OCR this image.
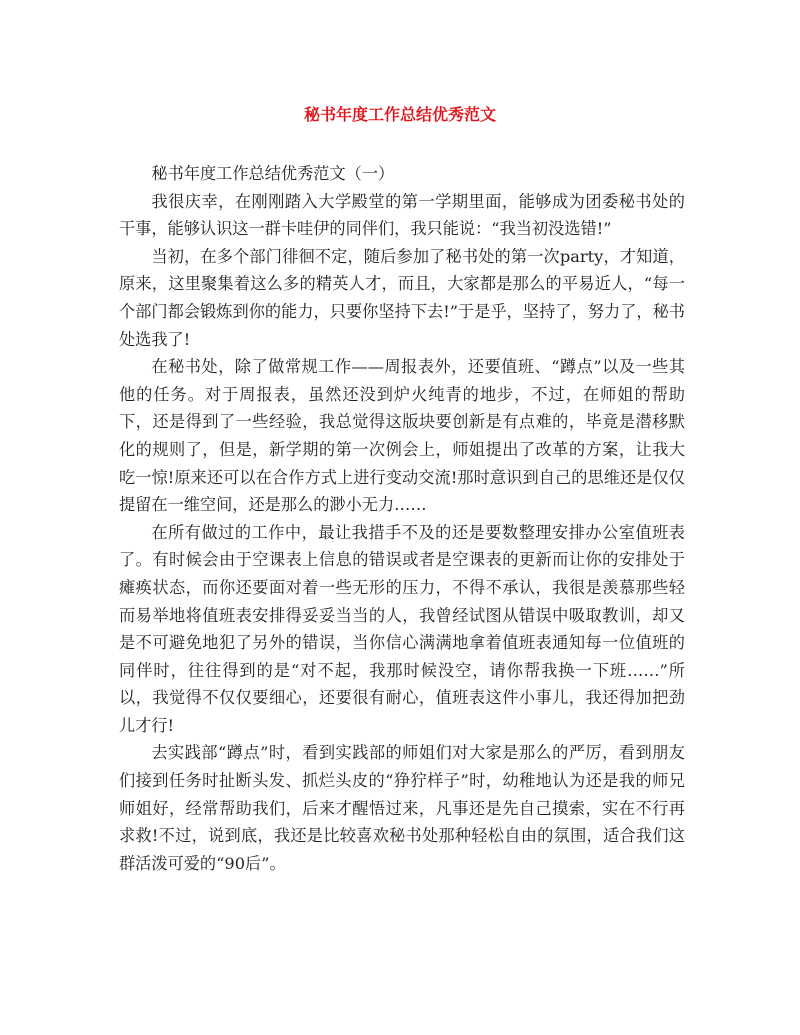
秘书年度工作总结优秀范文

秘书年度工作总结优秀范文（一）

我很庆幸，在刚刚踏入大学殿堂的第一学期里面，能够成为团委秘书处的干事，能够认识这一群卡哇伊的同伴们，我只能说：“我当初没选错!”

当初，在多个部门徘徊不定，随后参加了秘书处的第一次party，才知道，原来，这里聚集着这么多的精英人才，而且，大家都是那么的平易近人，“每一个部门都会锻炼到你的能力，只要你坚持下去!”于是乎，坚持了，努力了，秘书处选我了!

在秘书处，除了做常规工作——周报表外，还要值班、“蹲点”以及一些其他的任务。对于周报表，虽然还没到炉火纯青的地步，不过，在师姐的帮助下，还是得到了一些经验，我总觉得这版块要创新是有点难的，毕竟是潜移默化的规则了，但是，新学期的第一次例会上，师姐提出了改革的方案，让我大吃一惊!原来还可以在合作方式上进行变动交流!那时意识到自己的思维还是仅仅提留在一维空间，还是那么的渺小无力……

在所有做过的工作中，最让我措手不及的还是要数整理安排办公室值班表了。有时候会由于空课表上信息的错误或者是空课表的更新而让你的安排处于瘫痪状态，而你还要面对着一些无形的压力，不得不承认，我很是羡慕那些轻而易举地将值班表安排得妥妥当当的人，我曾经试图从错误中吸取教训，却又是不可避免地犯了另外的错误，当你信心满满地拿着值班表通知每一位值班的同伴时，往往得到的是“对不起，我那时候没空，请你帮我换一下班……”所以，我觉得不仅仅要细心，还要很有耐心，值班表这件小事儿，我还得加把劲儿才行!

去实践部“蹲点”时，看到实践部的师姐们对大家是那么的严厉，看到朋友们接到任务时扯断头发、抓烂头皮的“狰狞样子”时，幼稚地认为还是我的师兄师姐好，经常帮助我们，后来才醒悟过来，凡事还是先自己摸索，实在不行再求救!不过，说到底，我还是比较喜欢秘书处那种轻松自由的氛围，适合我们这群活泼可爱的“90后”。
